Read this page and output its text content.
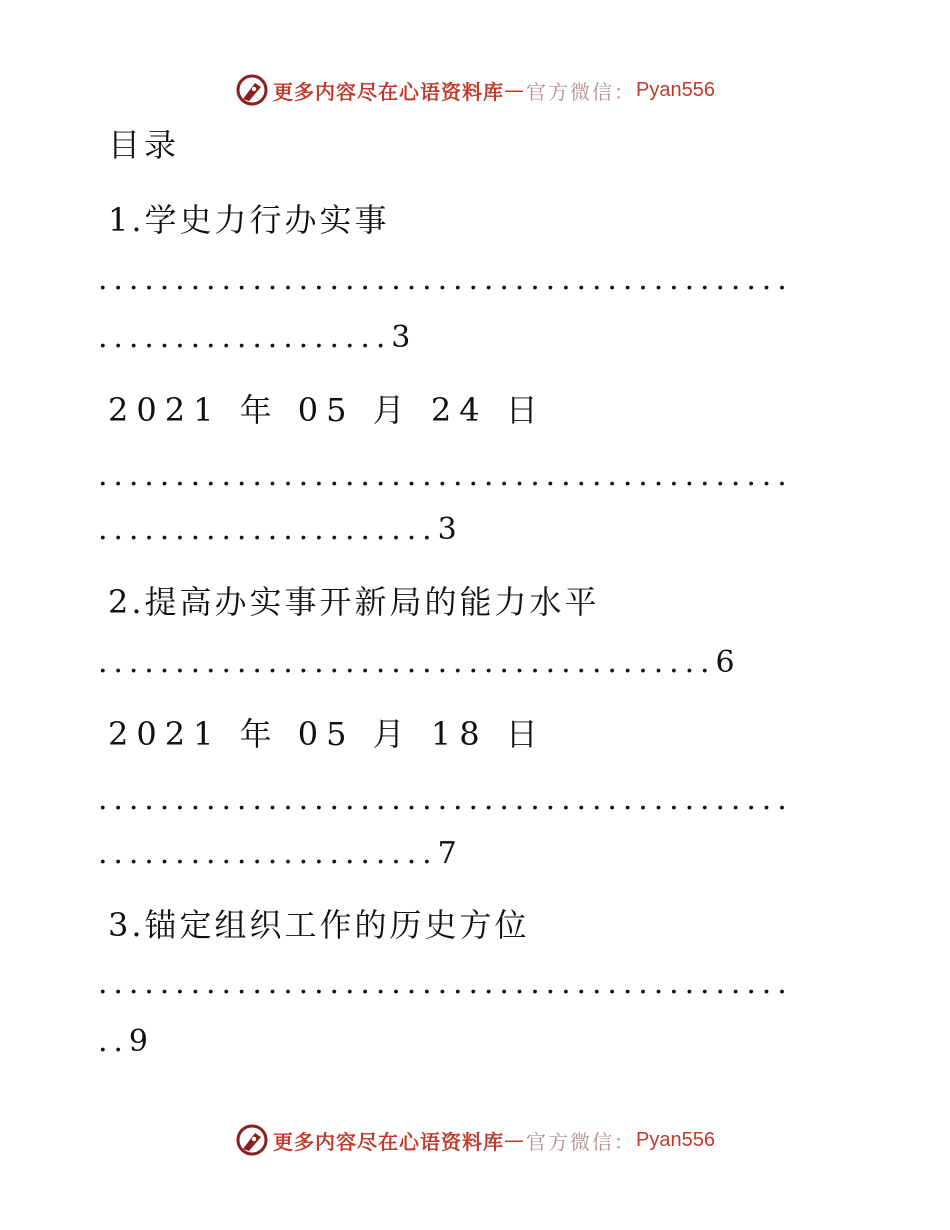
更多内容尽在心语资料库 — 官方微信： Pyan556
目录
1.学史力行办实事
.............................................
...................3
2021 年 05 月 24 日
.............................................
......................3
2.提高办实事开新局的能力水平
........................................6
2021 年 05 月 18 日
.............................................
......................7
3.锚定组织工作的历史方位
.............................................
..9
更多内容尽在心语资料库 — 官方微信： Pyan556
